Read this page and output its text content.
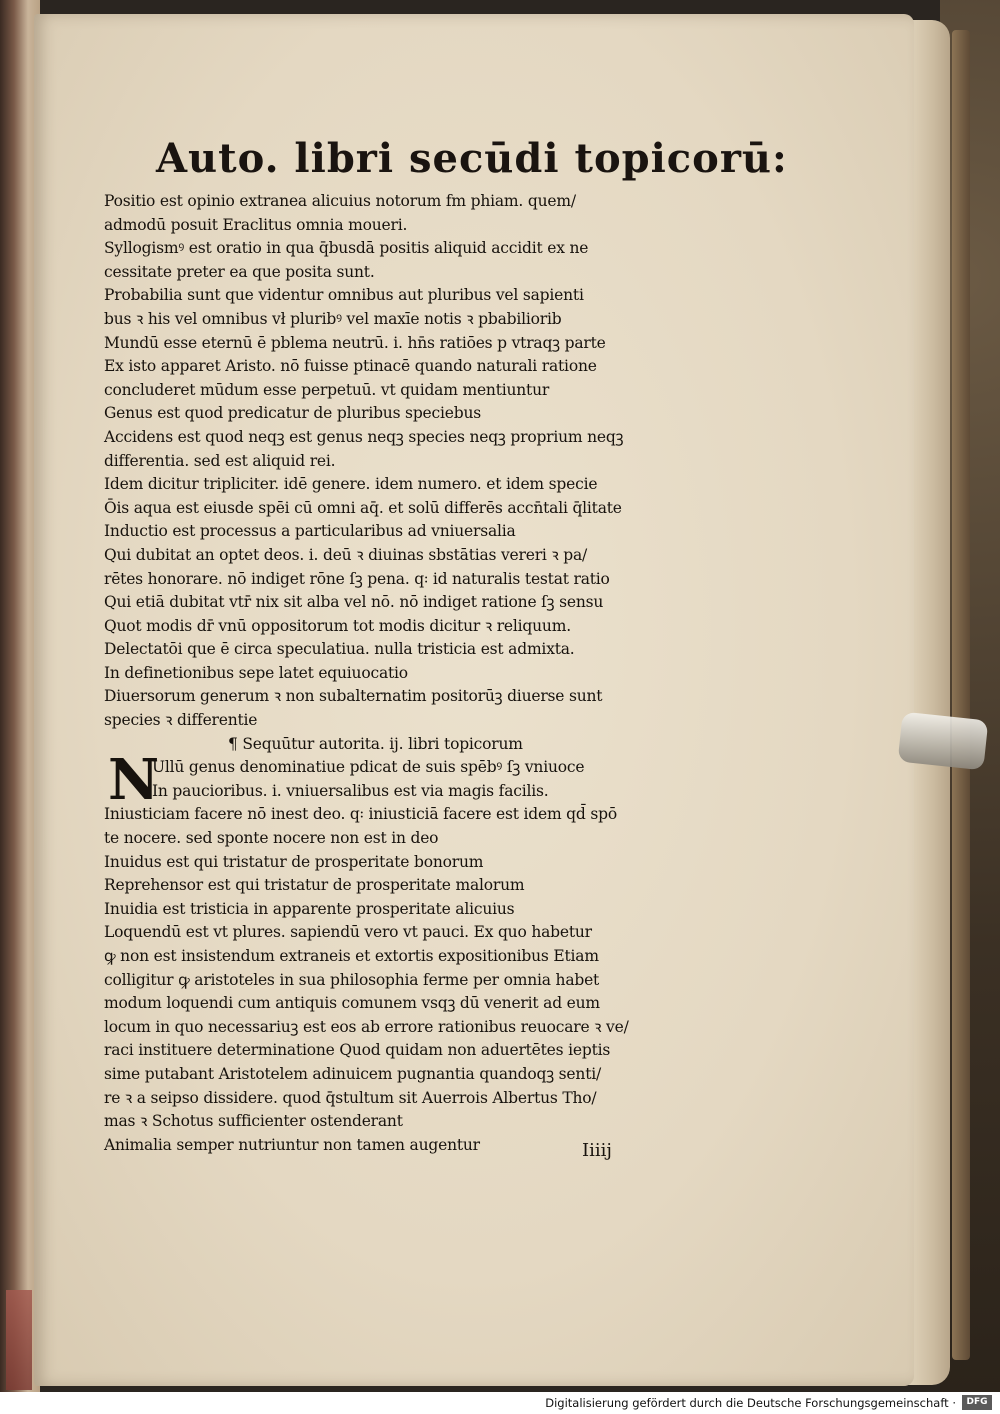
Auto. libri secūdi topicorū:
Positio est opinio extranea alicuius notorum fm phiam. quem/
admodū posuit Eraclitus omnia moueri.
Syllogismꝰ est oratio in qua q̄busdā positis aliquid accidit ex ne
cessitate preter ea que posita sunt.
Probabilia sunt que videntur omnibus aut pluribus vel sapienti
bus ꝛ his vel omnibus vł pluribꝰ vel maxīe notis ꝛ pbabiliorib
Mundū esse eternū ē pblema neutrū. i. hn̄s ratiōes p vtraqꝫ parte
Ex isto apparet Aristo. nō fuisse ptinacē quando naturali ratione
concluderet mūdum esse perpetuū. vt quidam mentiuntur
Genus est quod predicatur de pluribus speciebus
Accidens est quod neqꝫ est genus neqꝫ species neqꝫ proprium neqꝫ
differentia. sed est aliquid rei.
Idem dicitur tripliciter. idē genere. idem numero. et idem specie
Ōis aqua est eiusde spēi cū omni aq̄. et solū differēs accn̄tali q̄litate
Inductio est processus a particularibus ad vniuersalia
Qui dubitat an optet deos. i. deū ꝛ diuinas sbstātias vereri ꝛ pa/
rētes honorare. nō indiget rōne ſꝫ pena. q꞉ id naturalis testat ratio
Qui etiā dubitat vtr̄ nix sit alba vel nō. nō indiget ratione ſꝫ sensu
Quot modis dr̄ vnū oppositorum tot modis dicitur ꝛ reliquum.
Delectatōi que ē circa speculatiua. nulla tristicia est admixta.
In definetionibus sepe latet equiuocatio
Diuersorum generum ꝛ non subalternatim positorūꝫ diuerse sunt
species ꝛ differentie
¶ Sequūtur autorita. ij. libri topicorum
N
Ullū genus denominatiue pdicat de suis spēbꝰ ſꝫ vniuoce
In paucioribus. i. vniuersalibus est via magis facilis.
Iniusticiam facere nō inest deo. q꞉ iniusticiā facere est idem qd̄ spō
te nocere. sed sponte nocere non est in deo
Inuidus est qui tristatur de prosperitate bonorum
Reprehensor est qui tristatur de prosperitate malorum
Inuidia est tristicia in apparente prosperitate alicuius
Loquendū est vt plures. sapiendū vero vt pauci. Ex quo habetur
ꝙ non est insistendum extraneis et extortis expositionibus Etiam
colligitur ꝙ aristoteles in sua philosophia ferme per omnia habet
modum loquendi cum antiquis comunem vsqꝫ dū venerit ad eum
locum in quo necessariuꝫ est eos ab errore rationibus reuocare ꝛ ve/
raci instituere determinatione Quod quidam non aduertētes ieptis
sime putabant Aristotelem adinuicem pugnantia quandoqꝫ senti/
re ꝛ a seipso dissidere. quod q̄stultum sit Auerrois Albertus Tho/
mas ꝛ Schotus sufficienter ostenderant
Animalia semper nutriuntur non tamen augentur	Iiiij
Digitalisierung gefördert durch die Deutsche Forschungsgemeinschaft ·	DFG
